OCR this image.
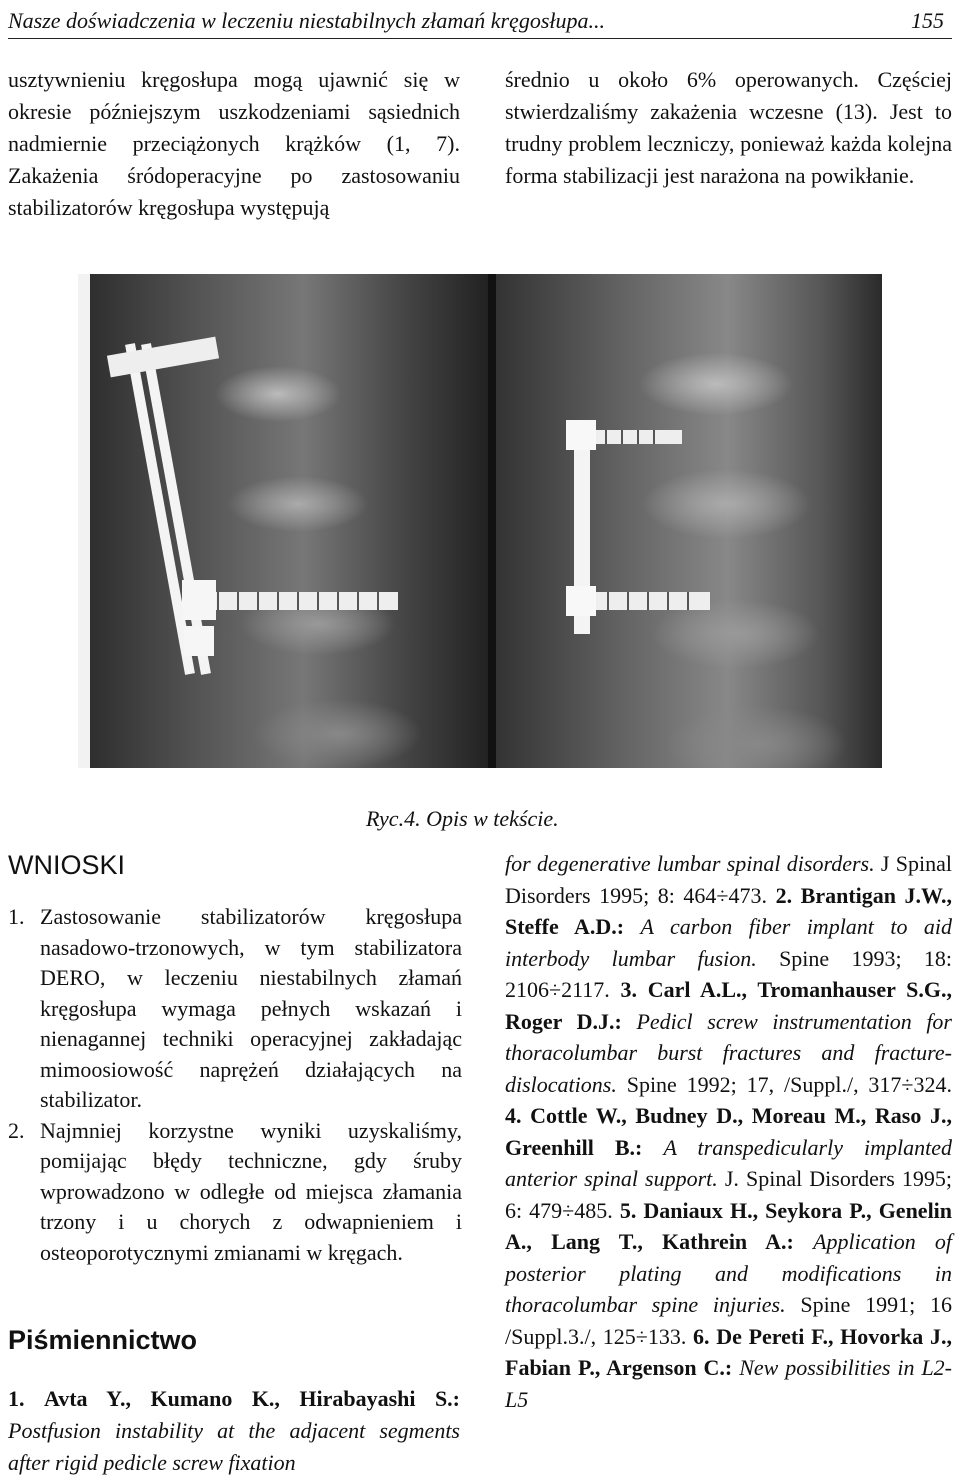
Nasze doświadczenia w leczeniu niestabilnych złamań kręgosłupa...	155

usztywnieniu kręgosłupa mogą ujawnić się w okresie późniejszym uszkodzeniami sąsiednich nadmiernie przeciążonych krążków (1, 7). Zakażenia śródoperacyjne po zastosowaniu stabilizatorów kręgosłupa występują

średnio u około 6% operowanych. Częściej stwierdzaliśmy zakażenia wczesne (13). Jest to trudny problem leczniczy, ponieważ każda kolejna forma stabilizacji jest narażona na powikłanie.

Ryc.4. Opis w tekście.
WNIOSKI

1. Zastosowanie stabilizatorów kręgosłupa nasadowo-trzonowych, w tym stabilizatora DERO, w leczeniu niestabilnych złamań kręgosłupa wymaga pełnych wskazań i nienagannej techniki operacyjnej zakładając mimoosiowość naprężeń działających na stabilizator.

2. Najmniej korzystne wyniki uzyskaliśmy, pomijając błędy techniczne, gdy śruby wprowadzono w odległe od miejsca złamania trzony i u chorych z odwapnieniem i osteoporotycznymi zmianami w kręgach.

Piśmiennictwo

1. Avta Y., Kumano K., Hirabayashi S.: Postfusion instability at the adjacent segments after rigid pedicle screw fixation

for degenerative lumbar spinal disorders. J Spinal Disorders 1995; 8: 464÷473. 2. Brantigan J.W., Steffe A.D.: A carbon fiber implant to aid interbody lumbar fusion. Spine 1993; 18: 2106÷2117. 3. Carl A.L., Tromanhauser S.G., Roger D.J.: Pedicl screw instrumentation for thoracolumbar burst fractures and fracture-dislocations. Spine 1992; 17, /Suppl./, 317÷324. 4. Cottle W., Budney D., Moreau M., Raso J., Greenhill B.: A transpedicularly implanted anterior spinal support. J. Spinal Disorders 1995; 6: 479÷485. 5. Daniaux H., Seykora P., Genelin A., Lang T., Kathrein A.: Application of posterior plating and modifications in thoracolumbar spine injuries. Spine 1991; 16 /Suppl.3./, 125÷133. 6. De Pereti F., Hovorka J., Fabian P., Argenson C.: New possibilities in L2-L5
